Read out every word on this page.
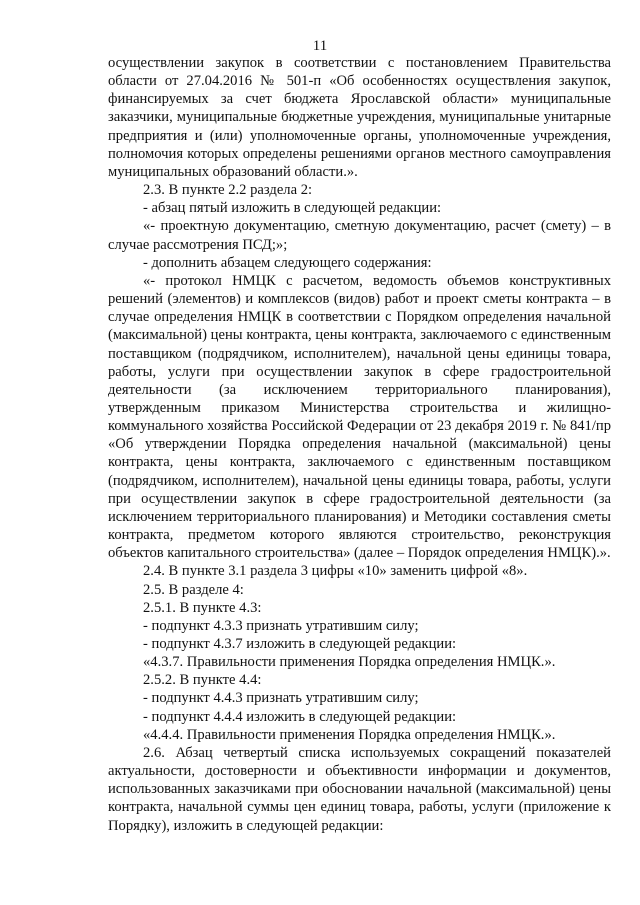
11

осуществлении закупок в соответствии с постановлением Правительства области от 27.04.2016 № 501-п «Об особенностях осуществления закупок, финансируемых за счет бюджета Ярославской области» муниципальные заказчики, муниципальные бюджетные учреждения, муниципальные унитарные предприятия и (или) уполномоченные органы, уполномоченные учреждения, полномочия которых определены решениями органов местного самоуправления муниципальных образований области.».

2.3. В пункте 2.2 раздела 2:

- абзац пятый изложить в следующей редакции:

«- проектную документацию, сметную документацию, расчет (смету) – в случае рассмотрения ПСД;»;

- дополнить абзацем следующего содержания:

«- протокол НМЦК с расчетом, ведомость объемов конструктивных решений (элементов) и комплексов (видов) работ и проект сметы контракта – в случае определения НМЦК в соответствии с Порядком определения начальной (максимальной) цены контракта, цены контракта, заключаемого с единственным поставщиком (подрядчиком, исполнителем), начальной цены единицы товара, работы, услуги при осуществлении закупок в сфере градостроительной деятельности (за исключением территориального планирования), утвержденным приказом Министерства строительства и жилищно-коммунального хозяйства Российской Федерации от 23 декабря 2019 г. № 841/пр «Об утверждении Порядка определения начальной (максимальной) цены контракта, цены контракта, заключаемого с единственным поставщиком (подрядчиком, исполнителем), начальной цены единицы товара, работы, услуги при осуществлении закупок в сфере градостроительной деятельности (за исключением территориального планирования) и Методики составления сметы контракта, предметом которого являются строительство, реконструкция объектов капитального строительства» (далее – Порядок определения НМЦК).».

2.4. В пункте 3.1 раздела 3 цифры «10» заменить цифрой «8».

2.5. В разделе 4:

2.5.1. В пункте 4.3:

- подпункт 4.3.3 признать утратившим силу;

- подпункт 4.3.7 изложить в следующей редакции:

«4.3.7. Правильности применения Порядка определения НМЦК.».

2.5.2. В пункте 4.4:

- подпункт 4.4.3 признать утратившим силу;

- подпункт 4.4.4 изложить в следующей редакции:

«4.4.4. Правильности применения Порядка определения НМЦК.».

2.6. Абзац четвертый списка используемых сокращений показателей актуальности, достоверности и объективности информации и документов, использованных заказчиками при обосновании начальной (максимальной) цены контракта, начальной суммы цен единиц товара, работы, услуги (приложение к Порядку), изложить в следующей редакции:
